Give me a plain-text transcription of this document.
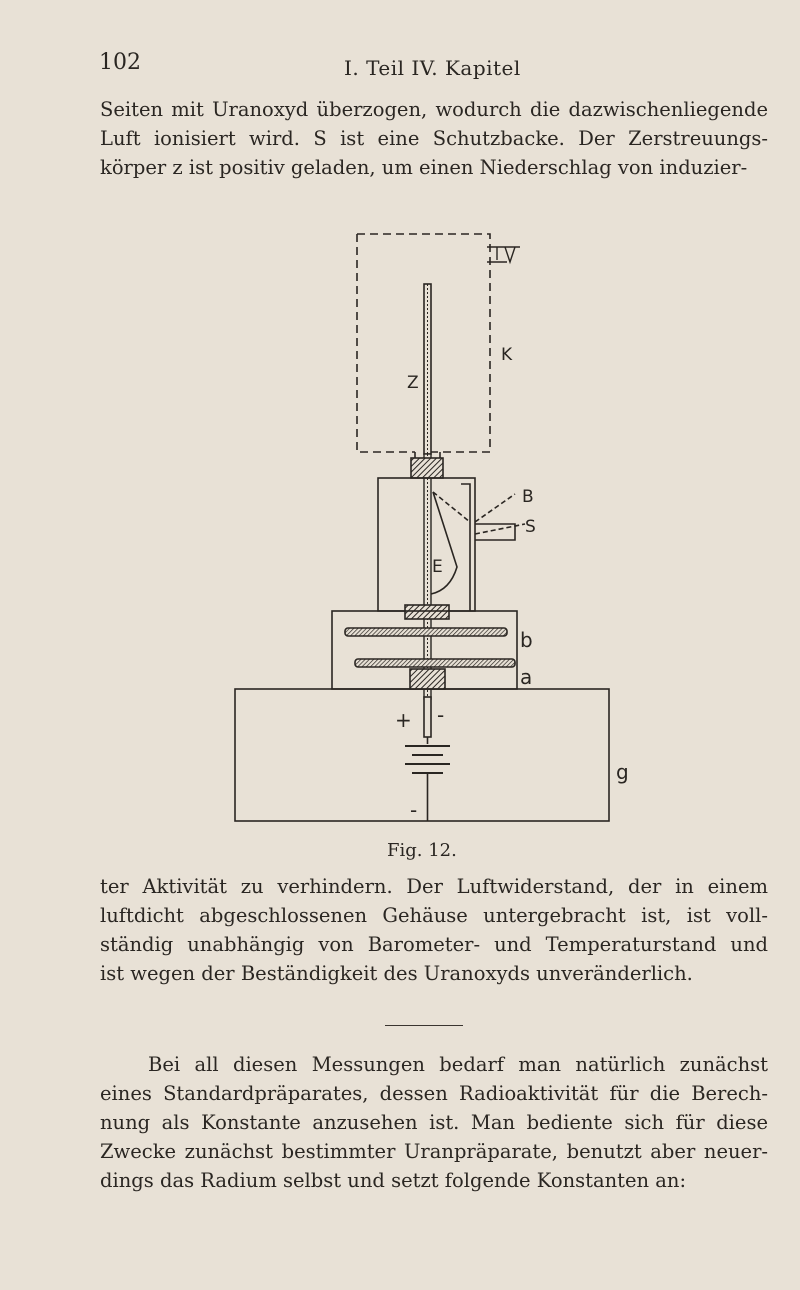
102	I. Teil IV. Kapitel

Seiten mit Uranoxyd überzogen, wodurch die dazwischenliegende
Luft ionisiert wird. S ist eine Schutzbacke. Der Zerstreuungs-
körper z ist positiv geladen, um einen Niederschlag von induzier-

K
Z
E
B
S
b
a
g
+ -
-
Fig. 12.

ter Aktivität zu verhindern. Der Luftwiderstand, der in einem
luftdicht abgeschlossenen Gehäuse untergebracht ist, ist voll-
ständig unabhängig von Barometer- und Temperaturstand und
ist wegen der Beständigkeit des Uranoxyds unveränderlich.

Bei all diesen Messungen bedarf man natürlich zunächst
eines Standardpräparates, dessen Radioaktivität für die Berech-
nung als Konstante anzusehen ist. Man bediente sich für diese
Zwecke zunächst bestimmter Uranpräparate, benutzt aber neuer-
dings das Radium selbst und setzt folgende Konstanten an:
